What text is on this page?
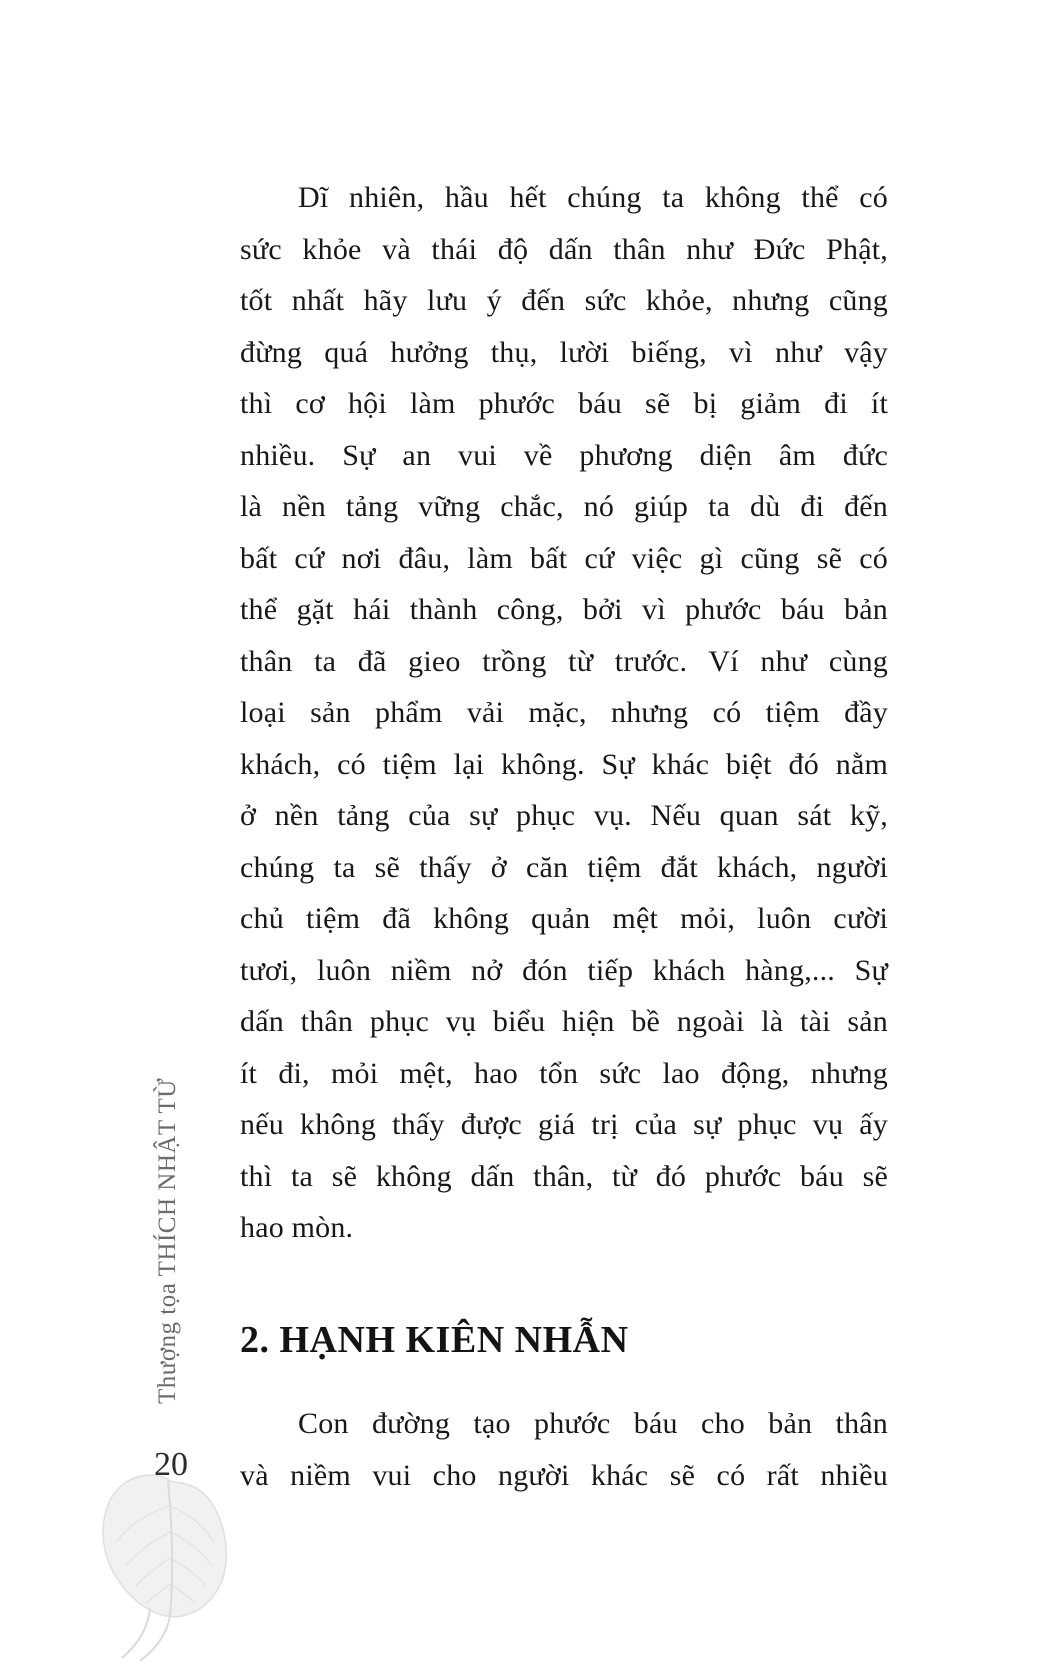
Dĩ nhiên, hầu hết chúng ta không thể có
sức khỏe và thái độ dấn thân như Đức Phật,
tốt nhất hãy lưu ý đến sức khỏe, nhưng cũng
đừng quá hưởng thụ, lười biếng, vì như vậy
thì cơ hội làm phước báu sẽ bị giảm đi ít
nhiều. Sự an vui về phương diện âm đức
là nền tảng vững chắc, nó giúp ta dù đi đến
bất cứ nơi đâu, làm bất cứ việc gì cũng sẽ có
thể gặt hái thành công, bởi vì phước báu bản
thân ta đã gieo trồng từ trước. Ví như cùng
loại sản phẩm vải mặc, nhưng có tiệm đầy
khách, có tiệm lại không. Sự khác biệt đó nằm
ở nền tảng của sự phục vụ. Nếu quan sát kỹ,
chúng ta sẽ thấy ở căn tiệm đắt khách, người
chủ tiệm đã không quản mệt mỏi, luôn cười
tươi, luôn niềm nở đón tiếp khách hàng,... Sự
dấn thân phục vụ biểu hiện bề ngoài là tài sản
ít đi, mỏi mệt, hao tổn sức lao động, nhưng
nếu không thấy được giá trị của sự phục vụ ấy
thì ta sẽ không dấn thân, từ đó phước báu sẽ
hao mòn.
2. HẠNH KIÊN NHẪN
Con đường tạo phước báu cho bản thân
và niềm vui cho người khác sẽ có rất nhiều
Thượng tọa THÍCH NHẬT TỪ
20
